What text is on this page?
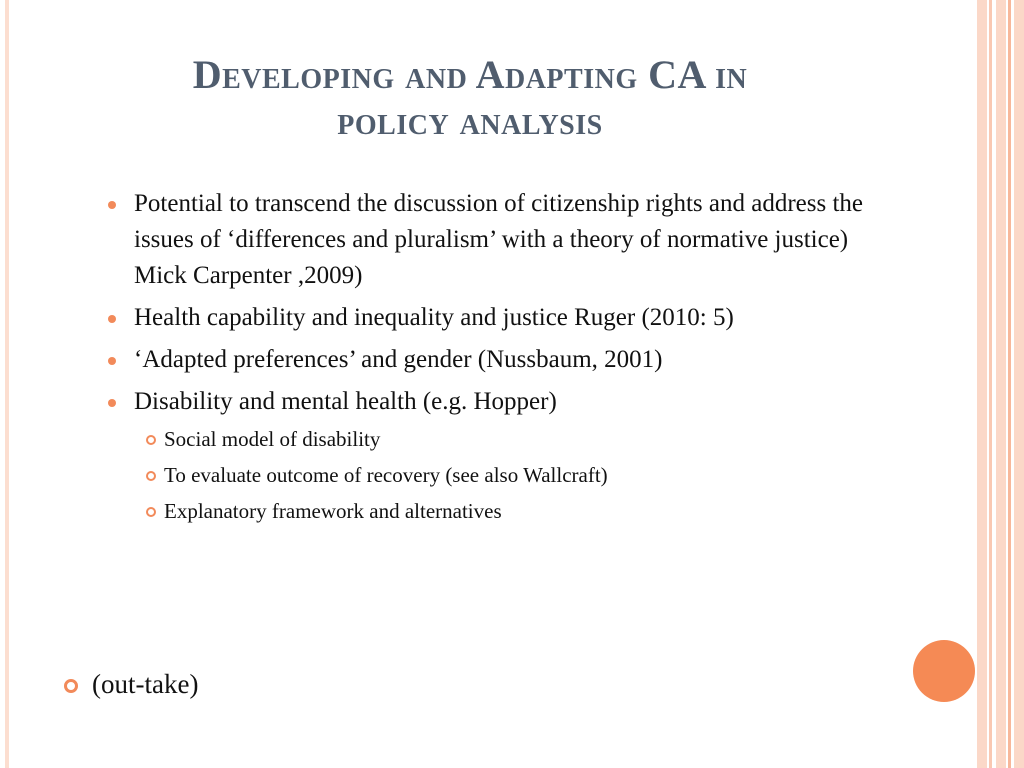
Developing and Adapting CA in
policy analysis
Potential to transcend the discussion of citizenship rights and address the issues of ‘differences and pluralism’ with a theory of normative justice) Mick Carpenter ,2009)
Health capability and inequality and justice Ruger (2010: 5)
‘Adapted preferences’ and gender (Nussbaum, 2001)
Disability and mental health (e.g. Hopper)
Social model of disability
To evaluate outcome of recovery (see also Wallcraft)
Explanatory framework and alternatives
(out-take)
